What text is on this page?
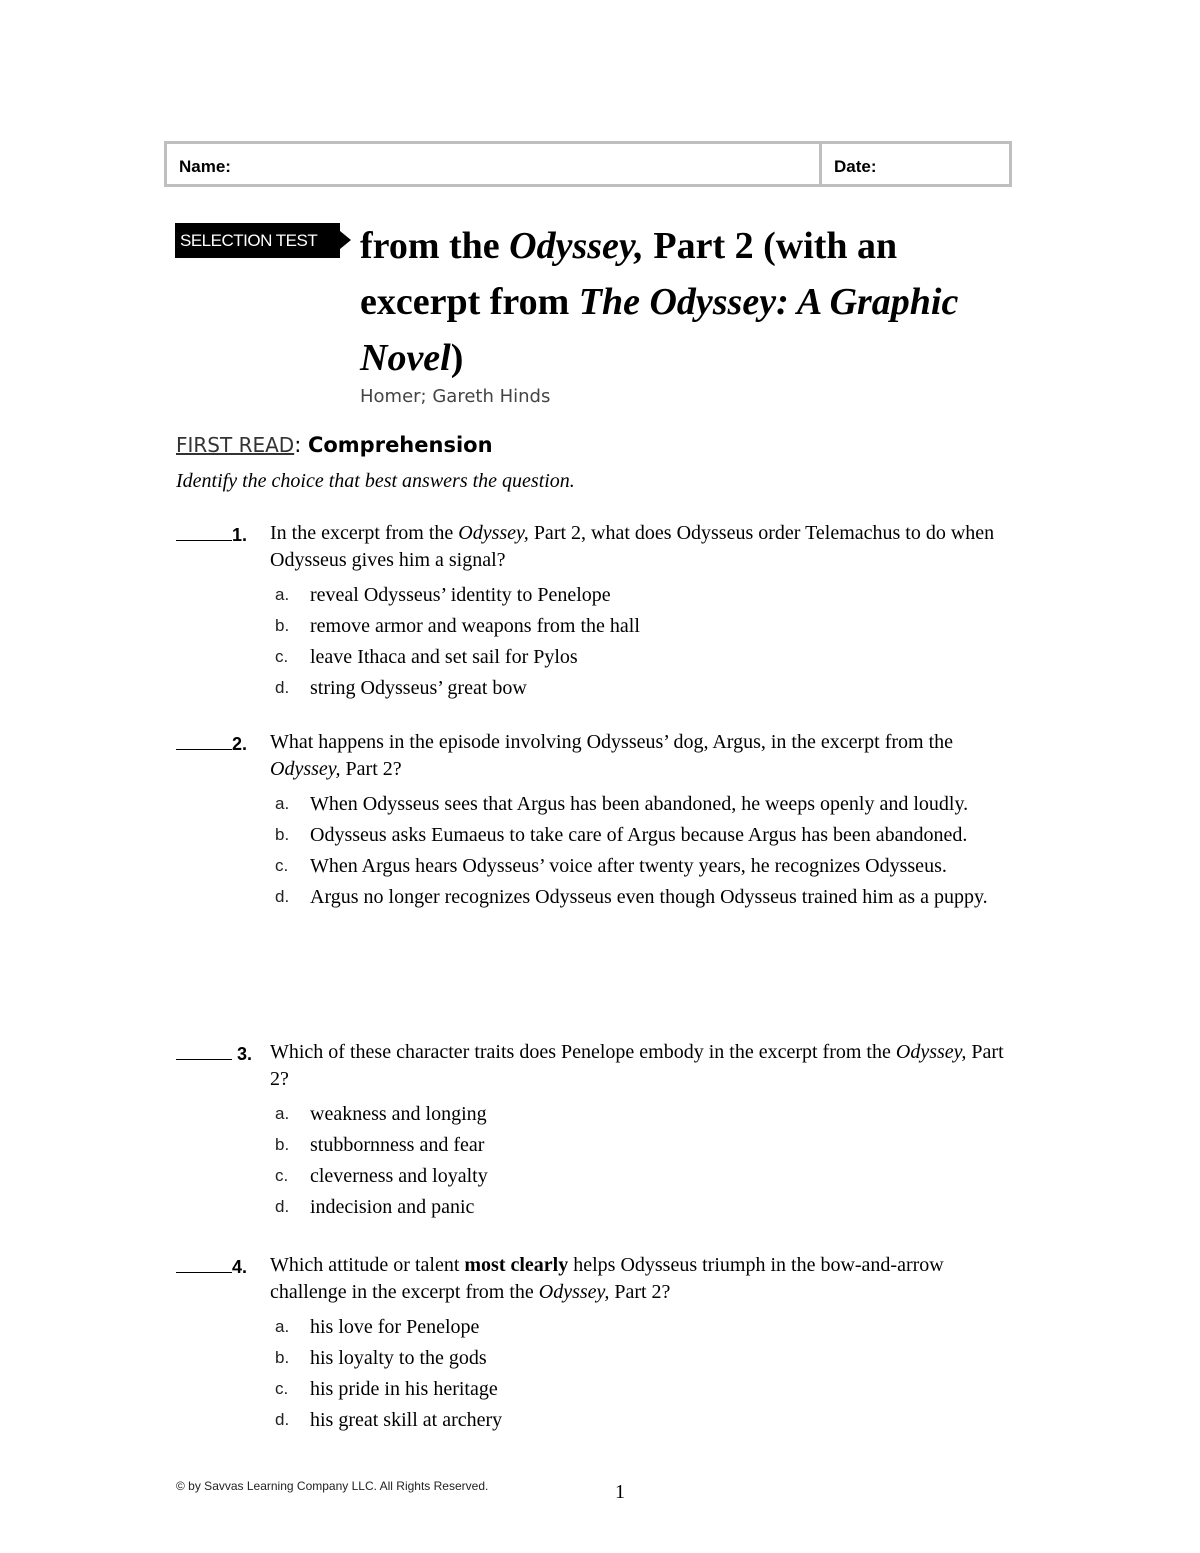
Name:	Date:
SELECTION TEST from the Odyssey, Part 2 (with an excerpt from The Odyssey: A Graphic Novel)
Homer; Gareth Hinds
FIRST READ: Comprehension
Identify the choice that best answers the question.
1.	In the excerpt from the Odyssey, Part 2, what does Odysseus order Telemachus to do when Odysseus gives him a signal?
a.	reveal Odysseus’ identity to Penelope
b.	remove armor and weapons from the hall
c.	leave Ithaca and set sail for Pylos
d.	string Odysseus’ great bow
2.	What happens in the episode involving Odysseus’ dog, Argus, in the excerpt from the Odyssey, Part 2?
a.	When Odysseus sees that Argus has been abandoned, he weeps openly and loudly.
b.	Odysseus asks Eumaeus to take care of Argus because Argus has been abandoned.
c.	When Argus hears Odysseus’ voice after twenty years, he recognizes Odysseus.
d.	Argus no longer recognizes Odysseus even though Odysseus trained him as a puppy.
3. Which of these character traits does Penelope embody in the excerpt from the Odyssey, Part 2?
a.	weakness and longing
b.	stubbornness and fear
c.	cleverness and loyalty
d.	indecision and panic
4.	Which attitude or talent most clearly helps Odysseus triumph in the bow-and-arrow challenge in the excerpt from the Odyssey, Part 2?
a.	his love for Penelope
b.	his loyalty to the gods
c.	his pride in his heritage
d.	his great skill at archery
© by Savvas Learning Company LLC. All Rights Reserved.	1
